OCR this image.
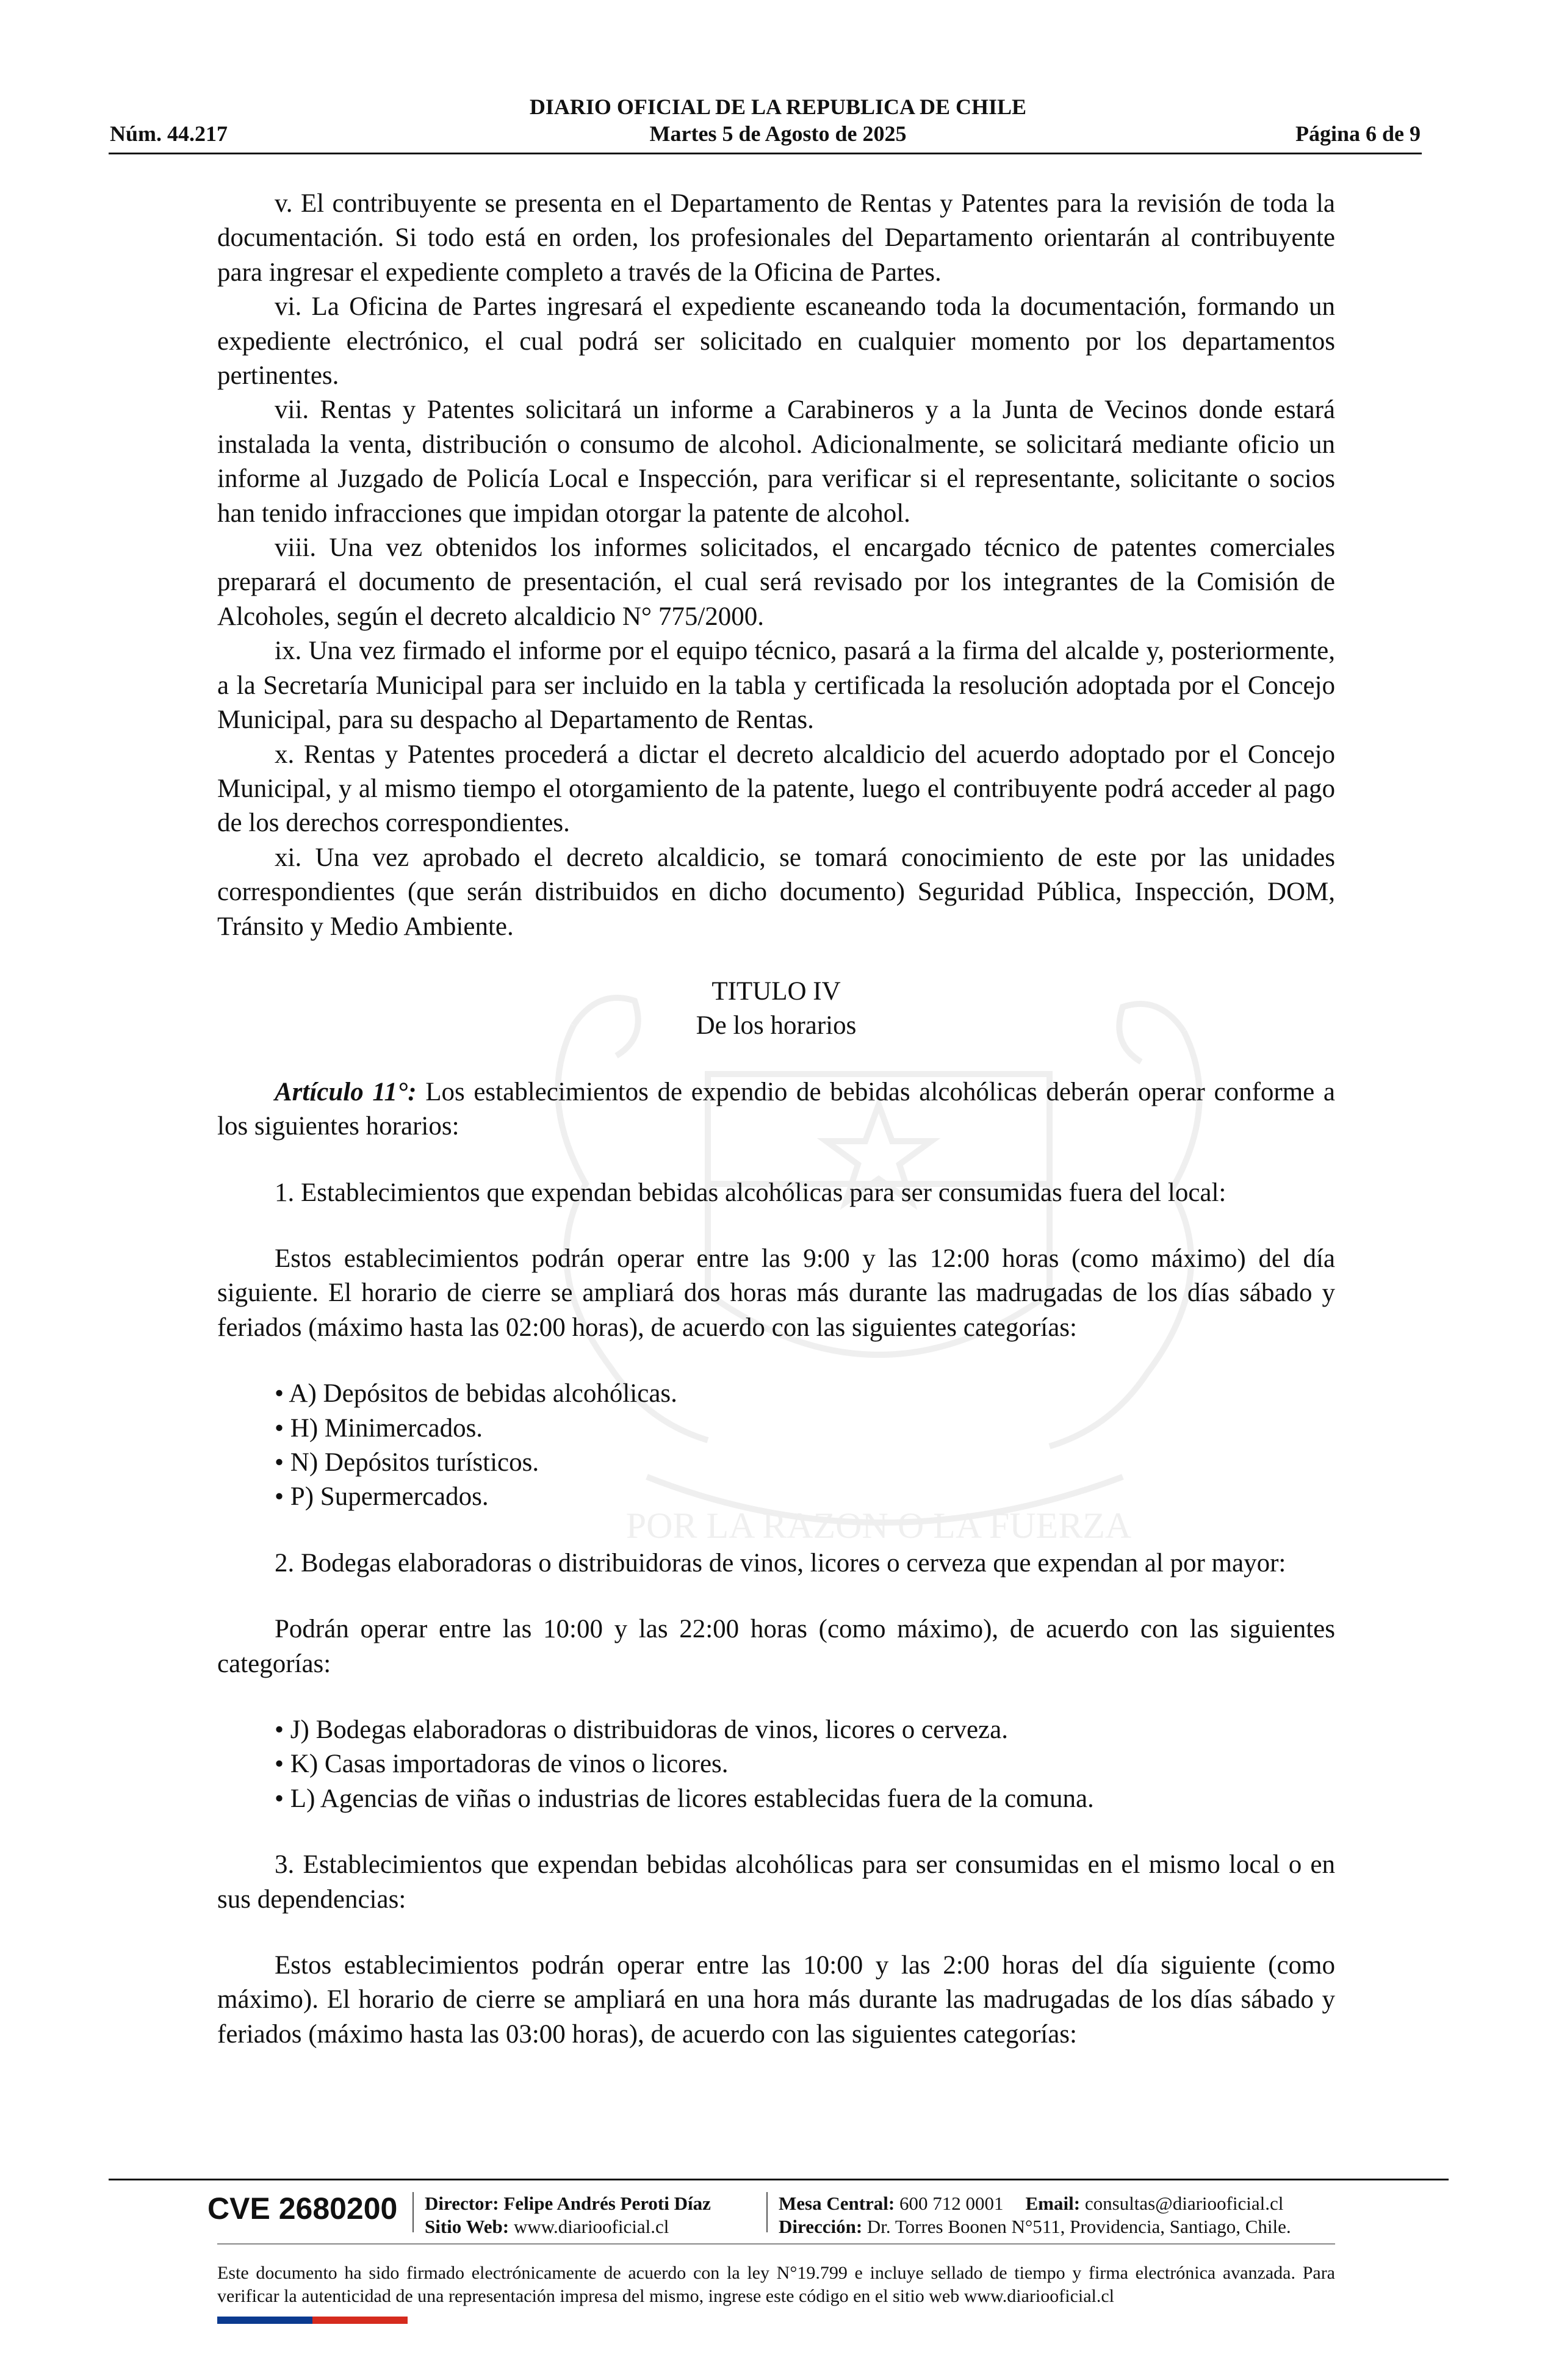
POR LA RAZON O LA FUERZA
DIARIO OFICIAL DE LA REPUBLICA DE CHILE
Núm. 44.217	Martes 5 de Agosto de 2025	Página 6 de 9

v. El contribuyente se presenta en el Departamento de Rentas y Patentes para la revisión de toda la documentación. Si todo está en orden, los profesionales del Departamento orientarán al contribuyente para ingresar el expediente completo a través de la Oficina de Partes.

vi. La Oficina de Partes ingresará el expediente escaneando toda la documentación, formando un expediente electrónico, el cual podrá ser solicitado en cualquier momento por los departamentos pertinentes.

vii. Rentas y Patentes solicitará un informe a Carabineros y a la Junta de Vecinos donde estará instalada la venta, distribución o consumo de alcohol. Adicionalmente, se solicitará mediante oficio un informe al Juzgado de Policía Local e Inspección, para verificar si el representante, solicitante o socios han tenido infracciones que impidan otorgar la patente de alcohol.

viii. Una vez obtenidos los informes solicitados, el encargado técnico de patentes comerciales preparará el documento de presentación, el cual será revisado por los integrantes de la Comisión de Alcoholes, según el decreto alcaldicio N° 775/2000.

ix. Una vez firmado el informe por el equipo técnico, pasará a la firma del alcalde y, posteriormente, a la Secretaría Municipal para ser incluido en la tabla y certificada la resolución adoptada por el Concejo Municipal, para su despacho al Departamento de Rentas.

x. Rentas y Patentes procederá a dictar el decreto alcaldicio del acuerdo adoptado por el Concejo Municipal, y al mismo tiempo el otorgamiento de la patente, luego el contribuyente podrá acceder al pago de los derechos correspondientes.

xi. Una vez aprobado el decreto alcaldicio, se tomará conocimiento de este por las unidades correspondientes (que serán distribuidos en dicho documento) Seguridad Pública, Inspección, DOM, Tránsito y Medio Ambiente.

TITULO IV

De los horarios

Artículo 11°: Los establecimientos de expendio de bebidas alcohólicas deberán operar conforme a los siguientes horarios:

1. Establecimientos que expendan bebidas alcohólicas para ser consumidas fuera del local:

Estos establecimientos podrán operar entre las 9:00 y las 12:00 horas (como máximo) del día siguiente. El horario de cierre se ampliará dos horas más durante las madrugadas de los días sábado y feriados (máximo hasta las 02:00 horas), de acuerdo con las siguientes categorías:

• A) Depósitos de bebidas alcohólicas.
• H) Minimercados.
• N) Depósitos turísticos.
• P) Supermercados.

2. Bodegas elaboradoras o distribuidoras de vinos, licores o cerveza que expendan al por mayor:

Podrán operar entre las 10:00 y las 22:00 horas (como máximo), de acuerdo con las siguientes categorías:

• J) Bodegas elaboradoras o distribuidoras de vinos, licores o cerveza.
• K) Casas importadoras de vinos o licores.
• L) Agencias de viñas o industrias de licores establecidas fuera de la comuna.

3. Establecimientos que expendan bebidas alcohólicas para ser consumidas en el mismo local o en sus dependencias:

Estos establecimientos podrán operar entre las 10:00 y las 2:00 horas del día siguiente (como máximo). El horario de cierre se ampliará en una hora más durante las madrugadas de los días sábado y feriados (máximo hasta las 03:00 horas), de acuerdo con las siguientes categorías:

CVE 2680200 Director: Felipe Andrés Peroti Díaz
Sitio Web: www.diariooficial.cl
Mesa Central: 600 712 0001 Email: consultas@diariooficial.cl
Dirección: Dr. Torres Boonen N°511, Providencia, Santiago, Chile.
Este documento ha sido firmado electrónicamente de acuerdo con la ley N°19.799 e incluye sellado de tiempo y firma electrónica avanzada. Para verificar la autenticidad de una representación impresa del mismo, ingrese este código en el sitio web www.diariooficial.cl
